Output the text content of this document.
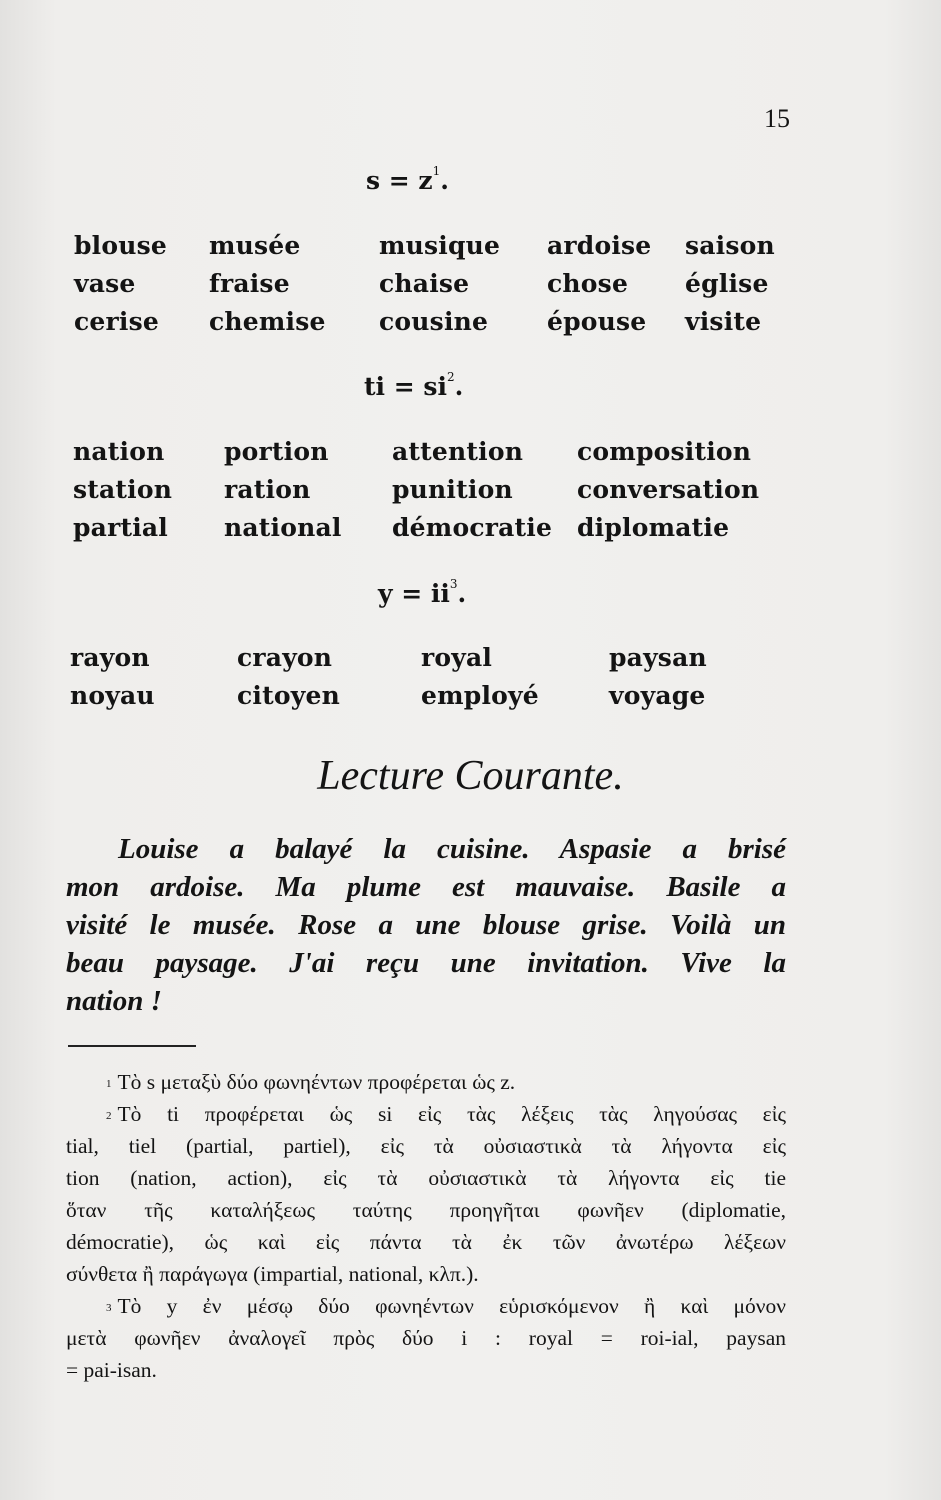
15
$s = z^1$.
blouse musée	musique ardoise saison
vase	fraise	chaise	chose église
cerise chemise cousine épouse visite
ti = $si^2$.
nation portion	attention composition
station ration	punition	conversation
partial national démocratie diplomatie
$y = ii^3$.
rayon	crayon	royal	paysan
noyau	citoyen	employé	voyage
Lecture Courante.
Louise a balayé la cuisine. Aspasie a brisé
mon ardoise. Ma plume est mauvaise. Basile a
visité le musée. Rose a une blouse grise. Voilà un
beau paysage. J'ai reçu une invitation. Vive la
nation !
$^1$ Τὸ s μεταξὺ δύο φωνηέντων προφέρεται ὡς z.
$^2$ Τὸ ti προφέρεται ὡς si εἰς τὰς λέξεις τὰς ληγούσας εἰς
tial, tiel (partial, partiel), εἰς τὰ οὐσιαστικὰ τὰ λήγοντα εἰς
tion (nation, action), εἰς τὰ οὐσιαστικὰ τὰ λήγοντα εἰς tie
ὅταν τῆς καταλήξεως ταύτης προηγῆται φωνῆεν (diplomatie,
démocratie), ὡς καὶ εἰς πάντα τὰ ἐκ τῶν ἀνωτέρω λέξεων
σύνθετα ἢ παράγωγα (impartial, national, κλπ.).
$^3$ Τὸ y ἐν μέσῳ δύο φωνηέντων εὑρισκόμενον ἢ καὶ μόνον
μετὰ φωνῆεν ἀναλογεῖ πρὸς δύο i : royal = roi-ial, paysan
= pai-isan.
